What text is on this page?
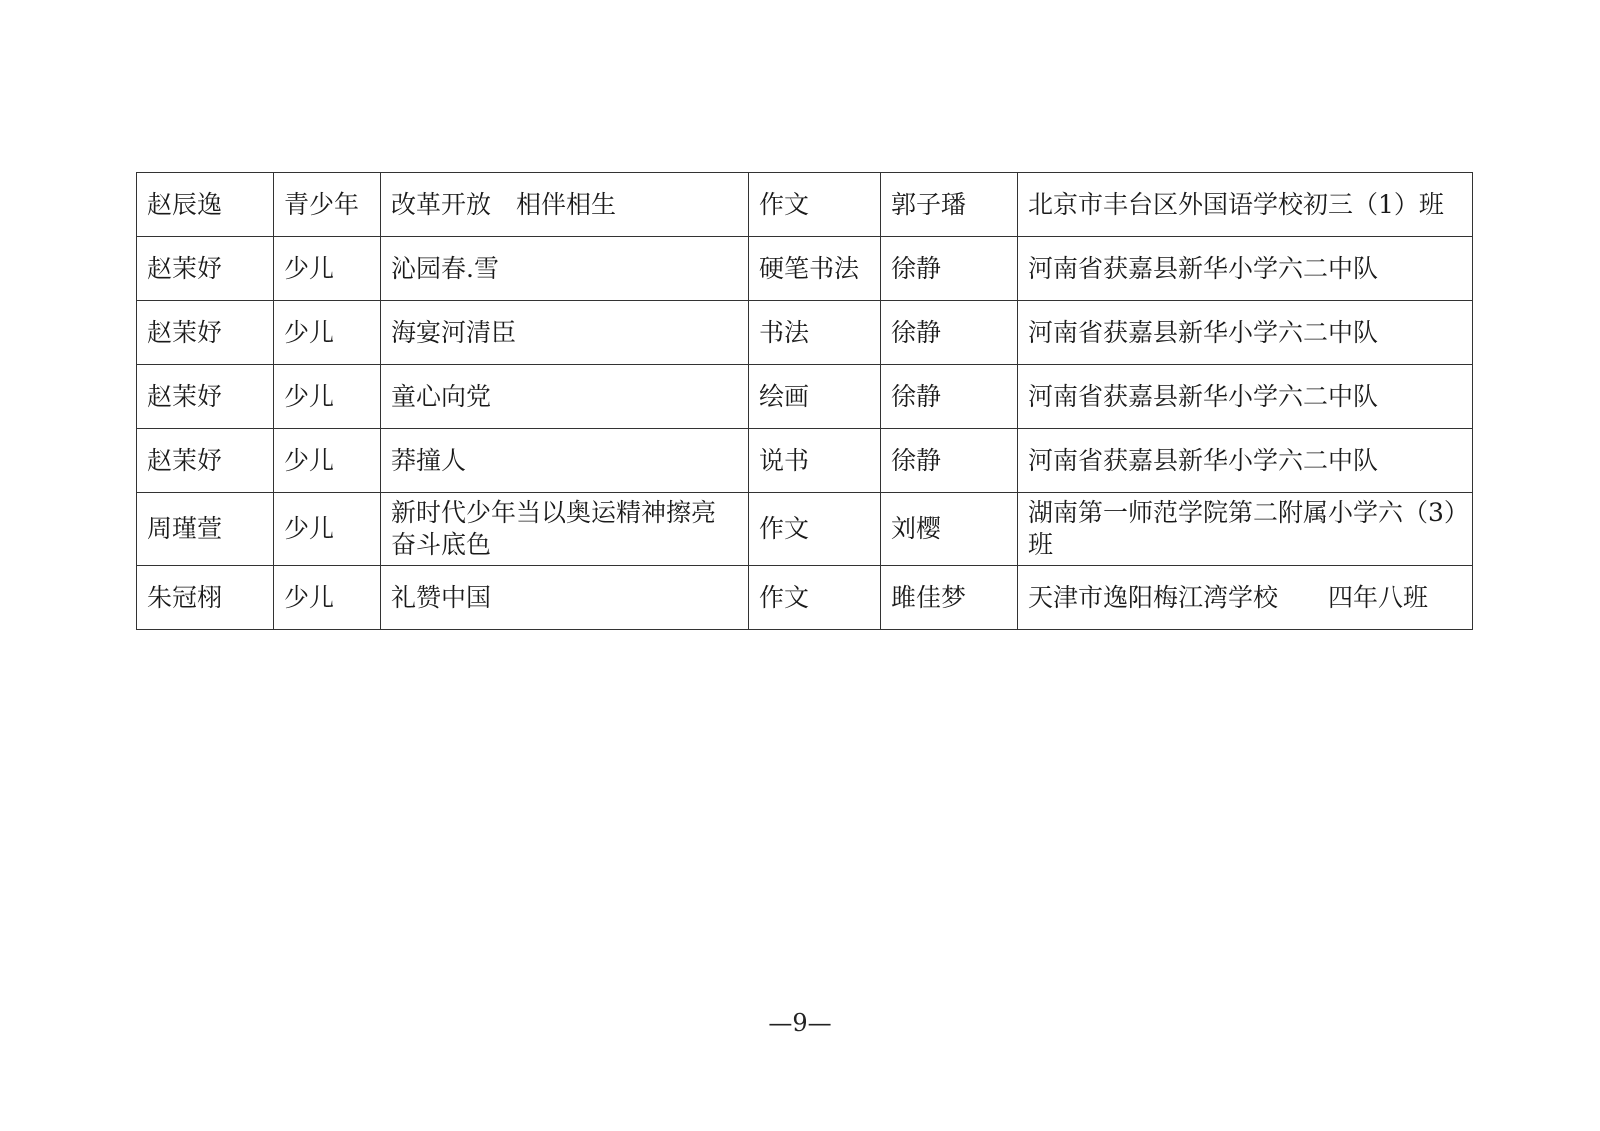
赵辰逸	青少年	改革开放　相伴相生	作文	郭子璠	北京市丰台区外国语学校初三（1）班
赵茉妤	少儿	沁园春.雪	硬笔书法	徐静	河南省获嘉县新华小学六二中队
赵茉妤	少儿	海宴河清臣	书法	徐静	河南省获嘉县新华小学六二中队
赵茉妤	少儿	童心向党	绘画	徐静	河南省获嘉县新华小学六二中队
赵茉妤	少儿	莽撞人	说书	徐静	河南省获嘉县新华小学六二中队
周瑾萱	少儿	新时代少年当以奥运精神擦亮奋斗底色	作文	刘樱	湖南第一师范学院第二附属小学六（3）班
朱冠栩	少儿	礼赞中国	作文	雎佳梦	天津市逸阳梅江湾学校　　四年八班
—9—
